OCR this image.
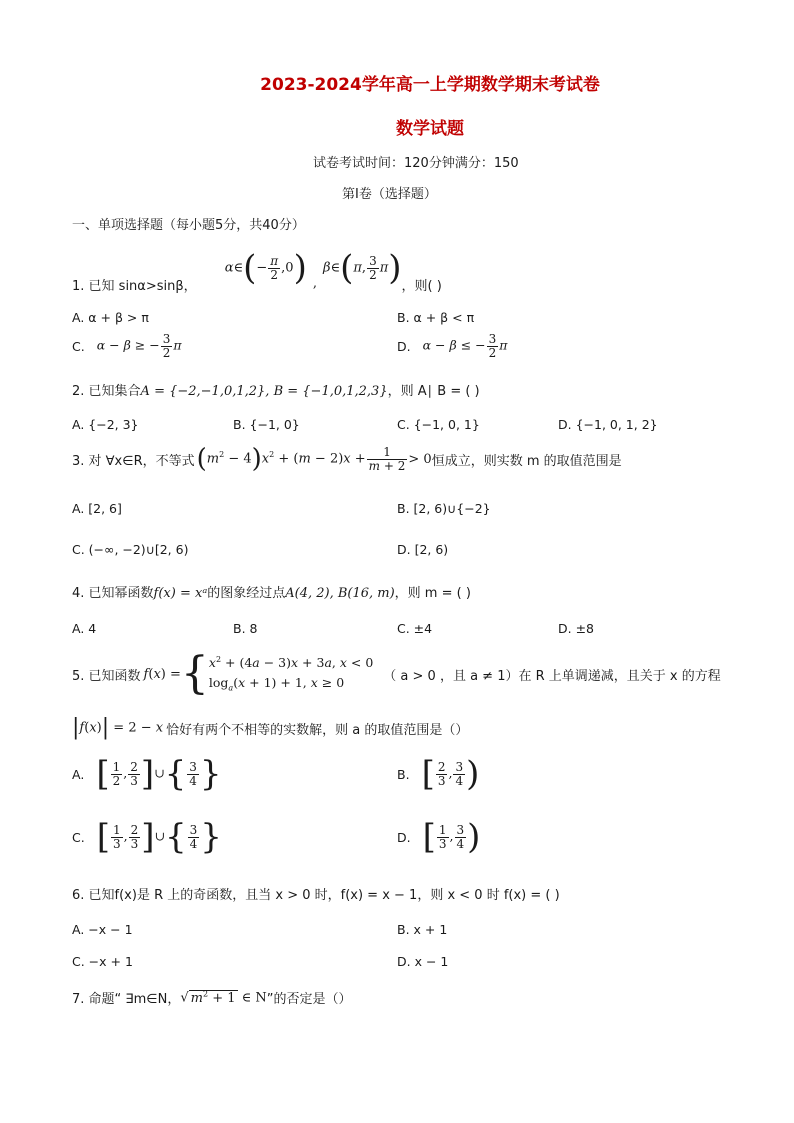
2023-2024学年高一上学期数学期末考试卷
数学试题
试卷考试时间：120分钟满分：150
第Ⅰ卷（选择题）
一、单项选择题（每小题5分，共40分）
1. 已知 sinα>sinβ，
α∈(− $\frac{\pi}{2} ,0$) ,
β∈(π, $\frac{3}{2} \pi$) ，则( )
A. α + β > π	B. α + β < π
C. α − β ≥ − $\frac{3}{2}$ π	D. α − β ≤ − $\frac{3}{2}$ π
2. 已知集合A = {−2,−1,0,1,2}, B = {−1,0,1,2,3}，则 A∣ B = ( )
A. {−2, 3}	B. {−1, 0}	C. {−1, 0, 1}	D. {−1, 0, 1, 2}
3. 对 ∀x∈R，不等式 $(m^2 - 4)x^2 + (m - 2)x + \frac{1}{m + 2} > 0$ 恒成立，则实数 m 的取值范围是
A. [2, 6]	B. [2, 6)∪{−2}
C. (−∞, −2)∪[2, 6)	D. [2, 6)
4. 已知幂函数f(x) = xᵃ的图象经过点A(4, 2), B(16, m)，则 m = ( )
A. 4	B. 8	C. ±4	D. ±8
5. 已知函数 f(x) = { $x^2 + (4a - 3)x + 3a$, x < 0
$\log_a(x + 1) + 1$, x ≥ 0	（ a > 0 ，且 a ≠ 1）在 R 上单调递减，且关于 x 的方程
|f(x)| = 2 − x 恰好有两个不相等的实数解，则 a 的取值范围是（）
A. [ $\frac{1}{2}$ , $\frac{2}{3}$ ]∪{ $\frac{3}{4}$ }	B. [ $\frac{2}{3}$ , $\frac{3}{4}$ )
C. [ $\frac{1}{3}$ , $\frac{2}{3}$ ]∪{ $\frac{3}{4}$ }	D. [ $\frac{1}{3}$ , $\frac{3}{4}$ )
6. 已知f(x)是 R 上的奇函数，且当 x > 0 时，f(x) = x − 1，则 x < 0 时 f(x) = ( )
A. −x − 1	B. x + 1
C. −x + 1	D. x − 1
7. 命题“ ∃m∈N， √ $m^2 + 1$ ∈ N ”的否定是（）
